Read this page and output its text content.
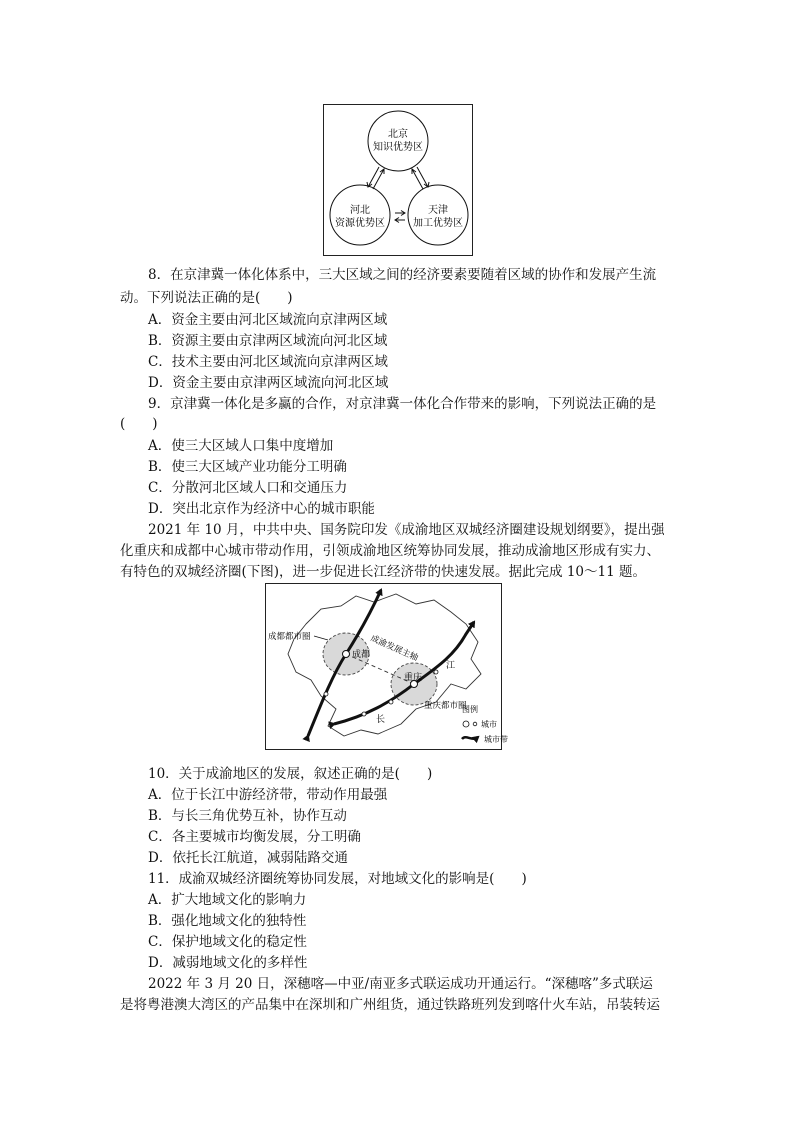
北京
知识优势区
河北
资源优势区
天津
加工优势区
8．在京津冀一体化体系中，三大区域之间的经济要素要随着区域的协作和发展产生流
动。下列说法正确的是(　　)
A．资金主要由河北区域流向京津两区域
B．资源主要由京津两区域流向河北区域
C．技术主要由河北区域流向京津两区域
D．资金主要由京津两区域流向河北区域
9．京津冀一体化是多赢的合作，对京津冀一体化合作带来的影响，下列说法正确的是
(　　)
A．使三大区域人口集中度增加
B．使三大区域产业功能分工明确
C．分散河北区域人口和交通压力
D．突出北京作为经济中心的城市职能
2021 年 10 月，中共中央、国务院印发《成渝地区双城经济圈建设规划纲要》，提出强
化重庆和成都中心城市带动作用，引领成渝地区统筹协同发展，推动成渝地区形成有实力、
有特色的双城经济圈(下图)，进一步促进长江经济带的快速发展。据此完成 10～11 题。
成都都市圈
成都
重庆
重庆都市圈
成渝发展主轴
江
长
图例
城市
城市带
10．关于成渝地区的发展，叙述正确的是(　　)
A．位于长江中游经济带，带动作用最强
B．与长三角优势互补，协作互动
C．各主要城市均衡发展，分工明确
D．依托长江航道，减弱陆路交通
11．成渝双城经济圈统筹协同发展，对地域文化的影响是(　　)
A．扩大地域文化的影响力
B．强化地域文化的独特性
C．保护地域文化的稳定性
D．减弱地域文化的多样性
2022 年 3 月 20 日，深穗喀—中亚/南亚多式联运成功开通运行。“深穗喀”多式联运
是将粤港澳大湾区的产品集中在深圳和广州组货，通过铁路班列发到喀什火车站，吊装转运
